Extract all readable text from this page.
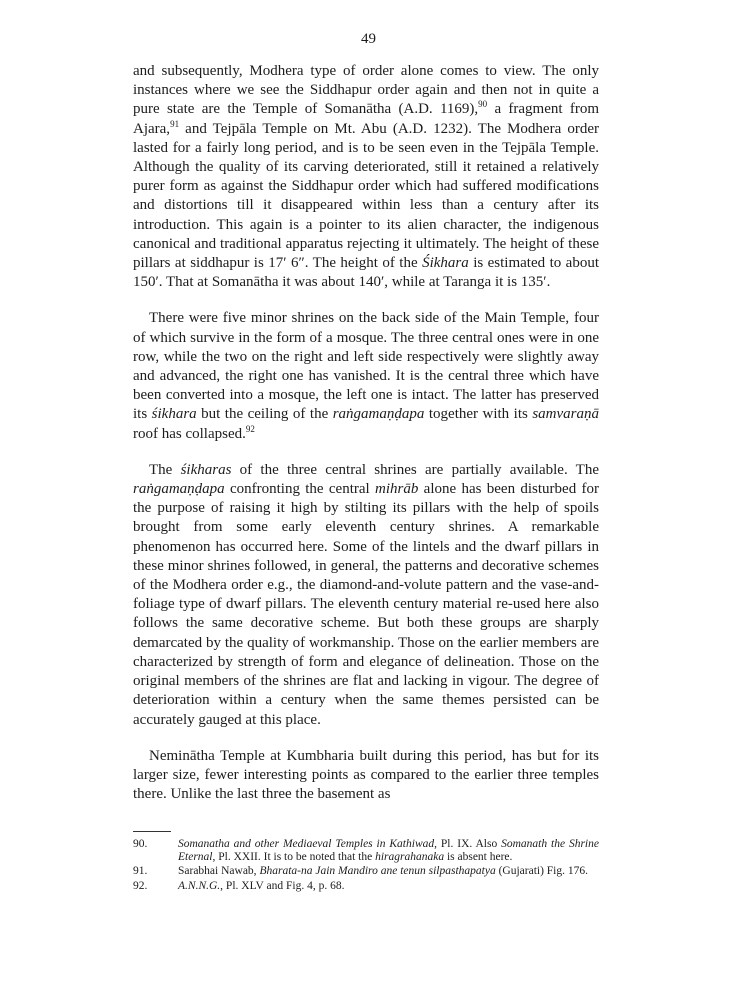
49

and subsequently, Modhera type of order alone comes to view. The only instances where we see the Siddhapur order again and then not in quite a pure state are the Temple of Somanātha (A.D. 1169),$^{90}$ a fragment from Ajara,$^{91}$ and Tejpāla Temple on Mt. Abu (A.D. 1232). The Modhera order lasted for a fairly long period, and is to be seen even in the Tejpāla Temple. Although the quality of its carving deteriorated, still it retained a relatively purer form as against the Siddhapur order which had suffered modifications and distortions till it disappeared within less than a century after its introduction. This again is a pointer to its alien character, the indigenous canonical and traditional apparatus rejecting it ultimately. The height of these pillars at siddhapur is 17′ 6″. The height of the Śikhara is estimated to about 150′. That at Somanātha it was about 140′, while at Taranga it is 135′.

There were five minor shrines on the back side of the Main Temple, four of which survive in the form of a mosque. The three central ones were in one row, while the two on the right and left side respectively were slightly away and advanced, the right one has vanished. It is the central three which have been converted into a mosque, the left one is intact. The latter has preserved its śikhara but the ceiling of the raṅgamaṇḍapa together with its samvaraṇā roof has collapsed.$^{92}$

The śikharas of the three central shrines are partially available. The raṅgamaṇḍapa confronting the central mihrāb alone has been disturbed for the purpose of raising it high by stilting its pillars with the help of spoils brought from some early eleventh century shrines. A remarkable phenomenon has occurred here. Some of the lintels and the dwarf pillars in these minor shrines followed, in general, the patterns and decorative schemes of the Modhera order e.g., the diamond-and-volute pattern and the vase-and-foliage type of dwarf pillars. The eleventh century material re-used here also follows the same decorative scheme. But both these groups are sharply demarcated by the quality of workmanship. Those on the earlier members are characterized by strength of form and elegance of delineation. Those on the original members of the shrines are flat and lacking in vigour. The degree of deterioration within a century when the same themes persisted can be accurately gauged at this place.

Neminātha Temple at Kumbharia built during this period, has but for its larger size, fewer interesting points as compared to the earlier three temples there. Unlike the last three the basement as

90.	Somanatha and other Mediaeval Temples in Kathiwad, Pl. IX. Also Somanath the Shrine Eternal, Pl. XXII. It is to be noted that the hiragrahanaka is absent here.
91.	Sarabhai Nawab, Bharata-na Jain Mandiro ane tenun silpasthapatya (Gujarati) Fig. 176.
92.	A.N.N.G., Pl. XLV and Fig. 4, p. 68.
